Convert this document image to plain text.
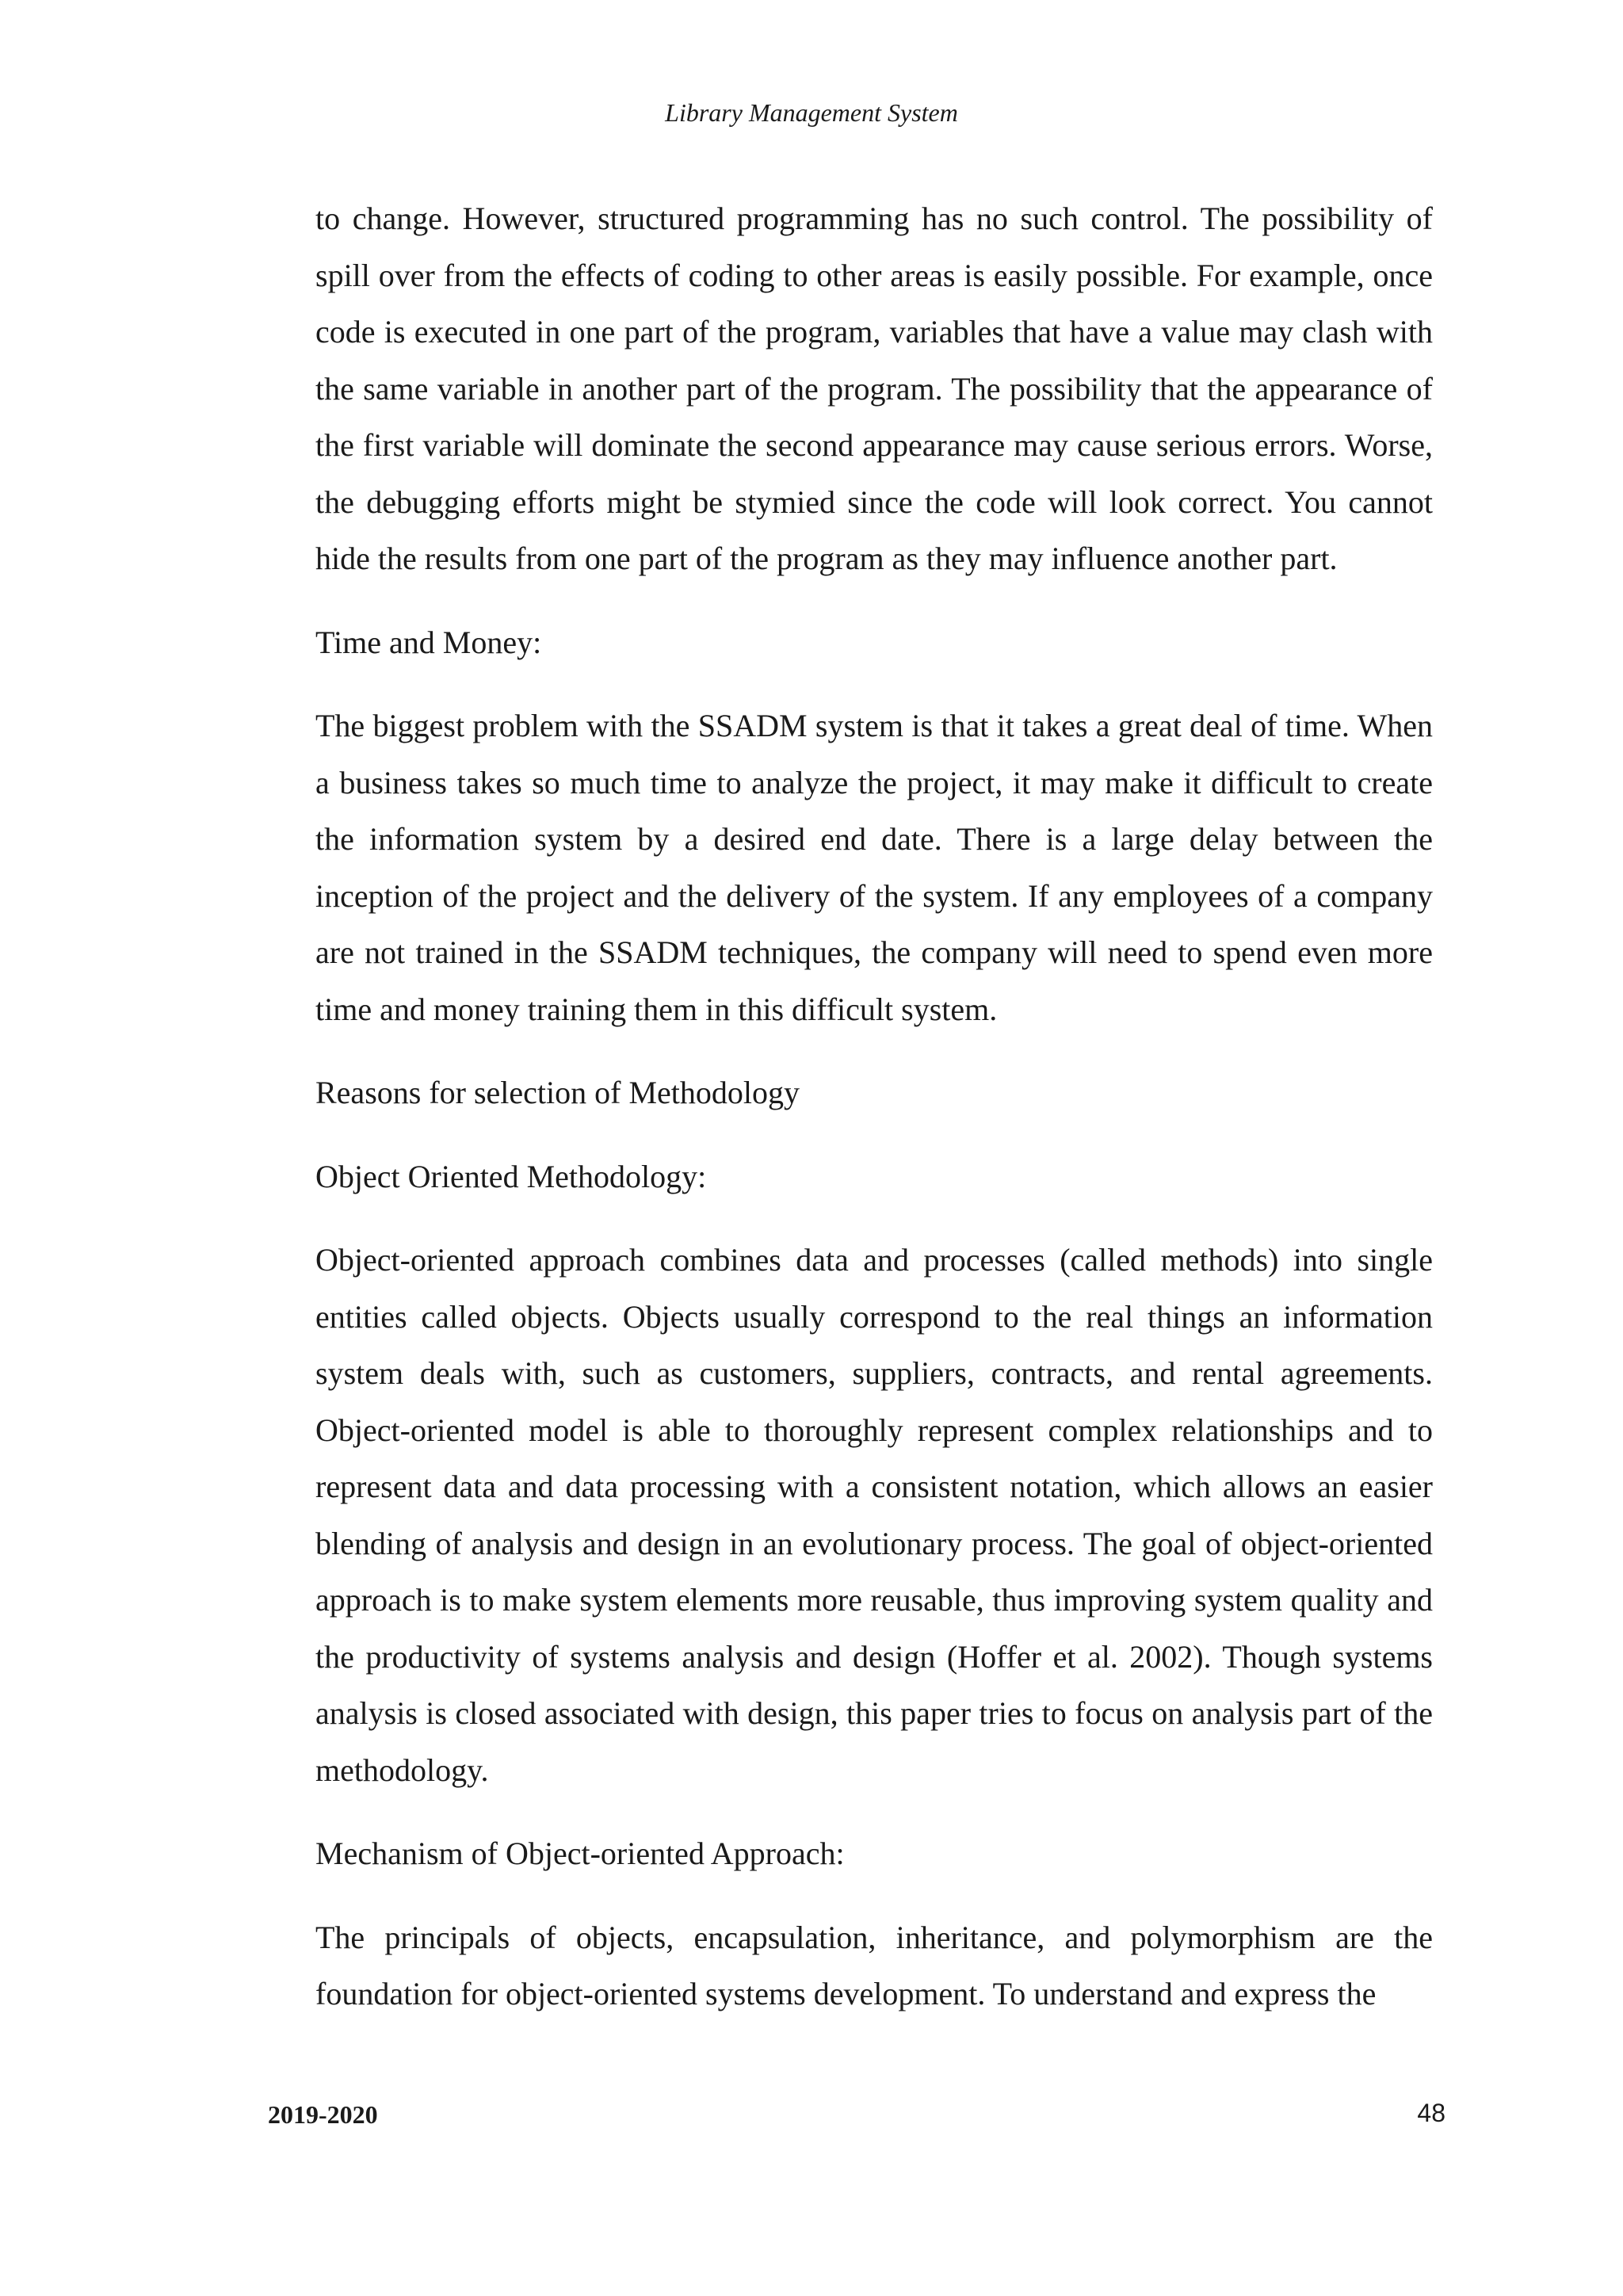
Library Management System

to change. However, structured programming has no such control. The possibility of spill over from the effects of coding to other areas is easily possible. For example, once code is executed in one part of the program, variables that have a value may clash with the same variable in another part of the program. The possibility that the appearance of the first variable will dominate the second appearance may cause serious errors. Worse, the debugging efforts might be stymied since the code will look correct. You cannot hide the results from one part of the program as they may influence another part.

Time and Money:

The biggest problem with the SSADM system is that it takes a great deal of time. When a business takes so much time to analyze the project, it may make it difficult to create the information system by a desired end date. There is a large delay between the inception of the project and the delivery of the system. If any employees of a company are not trained in the SSADM techniques, the company will need to spend even more time and money training them in this difficult system.

Reasons for selection of Methodology

Object Oriented Methodology:

Object-oriented approach combines data and processes (called methods) into single entities called objects. Objects usually correspond to the real things an information system deals with, such as customers, suppliers, contracts, and rental agreements. Object-oriented model is able to thoroughly represent complex relationships and to represent data and data processing with a consistent notation, which allows an easier blending of analysis and design in an evolutionary process. The goal of object-oriented approach is to make system elements more reusable, thus improving system quality and the productivity of systems analysis and design (Hoffer et al. 2002). Though systems analysis is closed associated with design, this paper tries to focus on analysis part of the methodology.

Mechanism of Object-oriented Approach:

The principals of objects, encapsulation, inheritance, and polymorphism are the foundation for object-oriented systems development. To understand and express the

2019-2020	48
